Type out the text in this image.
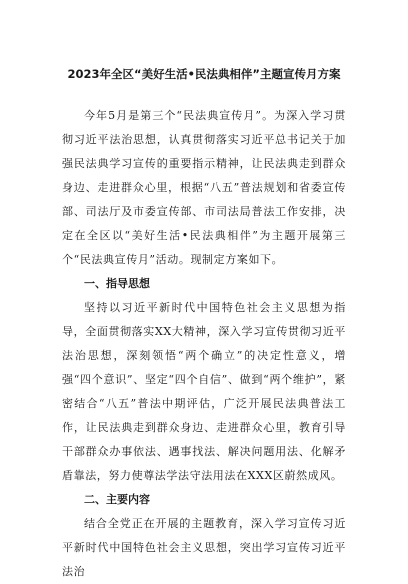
2023年全区“美好生活•民法典相伴”主题宣传月方案

今年5月是第三个“民法典宣传月”。为深入学习贯彻习近平法治思想，认真贯彻落实习近平总书记关于加强民法典学习宣传的重要指示精神，让民法典走到群众身边、走进群众心里，根据“八五”普法规划和省委宣传部、司法厅及市委宣传部、市司法局普法工作安排，决定在全区以“美好生活•民法典相伴”为主题开展第三个“民法典宣传月”活动。现制定方案如下。

一、指导思想

坚持以习近平新时代中国特色社会主义思想为指导，全面贯彻落实XX大精神，深入学习宣传贯彻习近平法治思想，深刻领悟“两个确立”的决定性意义，增强“四个意识”、坚定“四个自信”、做到“两个维护”，紧密结合“八五”普法中期评估，广泛开展民法典普法工作，让民法典走到群众身边、走进群众心里，教育引导干部群众办事依法、遇事找法、解决问题用法、化解矛盾靠法，努力使尊法学法守法用法在XXX区蔚然成风。

二、主要内容

结合全党正在开展的主题教育，深入学习宣传习近平新时代中国特色社会主义思想，突出学习宣传习近平法治
